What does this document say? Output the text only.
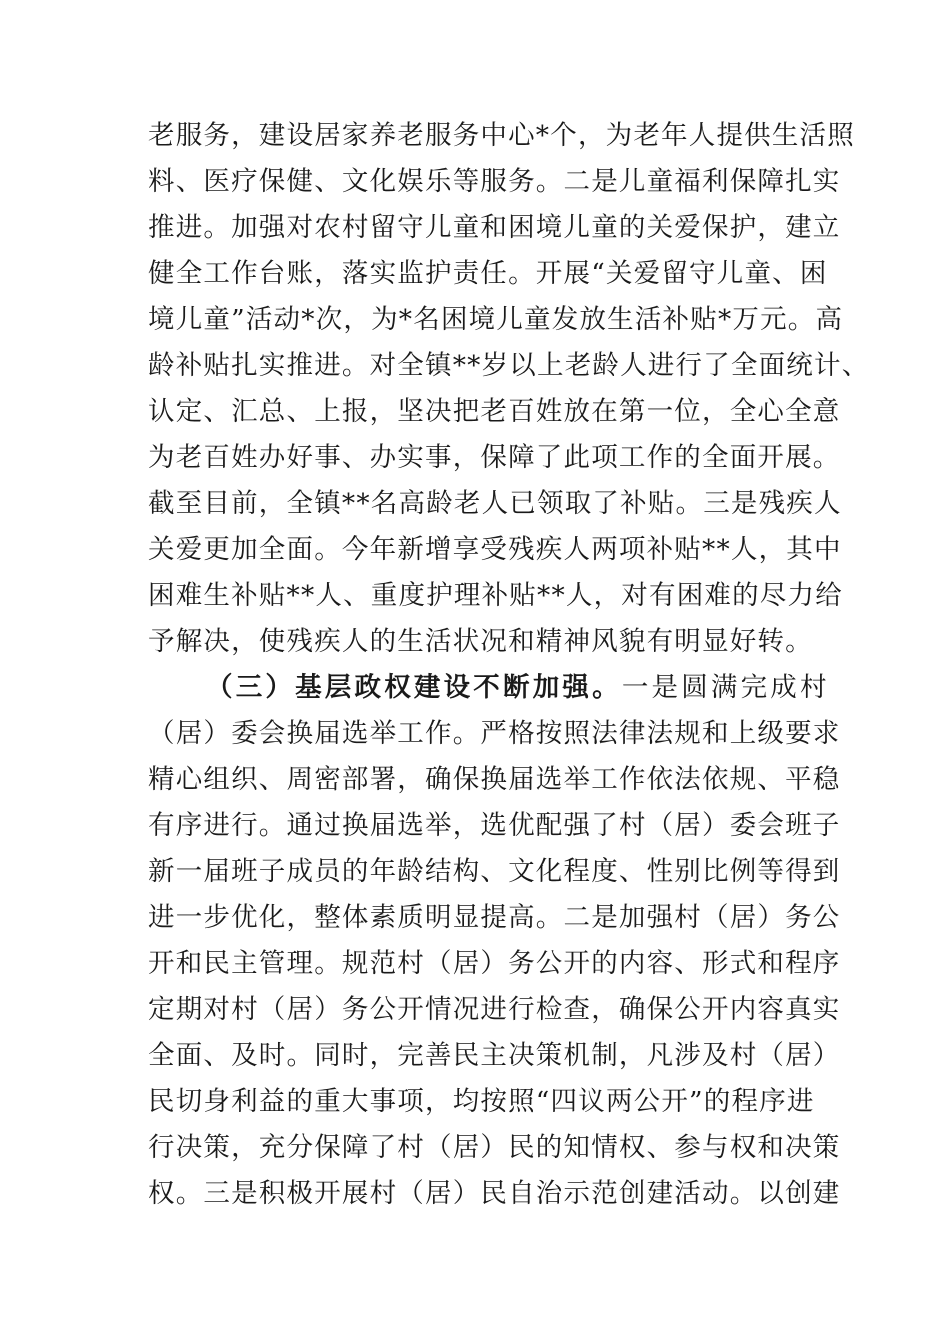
老服务，建设居家养老服务中心*个，为老年人提供生活照
料、医疗保健、文化娱乐等服务。二是儿童福利保障扎实
推进。加强对农村留守儿童和困境儿童的关爱保护，建立
健全工作台账，落实监护责任。开展“关爱留守儿童、困
境儿童”活动*次，为*名困境儿童发放生活补贴*万元。高
龄补贴扎实推进。对全镇**岁以上老龄人进行了全面统计、
认定、汇总、上报，坚决把老百姓放在第一位，全心全意
为老百姓办好事、办实事，保障了此项工作的全面开展。
截至目前，全镇**名高龄老人已领取了补贴。三是残疾人
关爱更加全面。今年新增享受残疾人两项补贴**人，其中
困难生补贴**人、重度护理补贴**人，对有困难的尽力给
予解决，使残疾人的生活状况和精神风貌有明显好转。
（三）基层政权建设不断加强。一是圆满完成村
（居）委会换届选举工作。严格按照法律法规和上级要求
精心组织、周密部署，确保换届选举工作依法依规、平稳
有序进行。通过换届选举，选优配强了村（居）委会班子
新一届班子成员的年龄结构、文化程度、性别比例等得到
进一步优化，整体素质明显提高。二是加强村（居）务公
开和民主管理。规范村（居）务公开的内容、形式和程序
定期对村（居）务公开情况进行检查，确保公开内容真实
全面、及时。同时，完善民主决策机制，凡涉及村（居）
民切身利益的重大事项，均按照“四议两公开”的程序进
行决策，充分保障了村（居）民的知情权、参与权和决策
权。三是积极开展村（居）民自治示范创建活动。以创建
